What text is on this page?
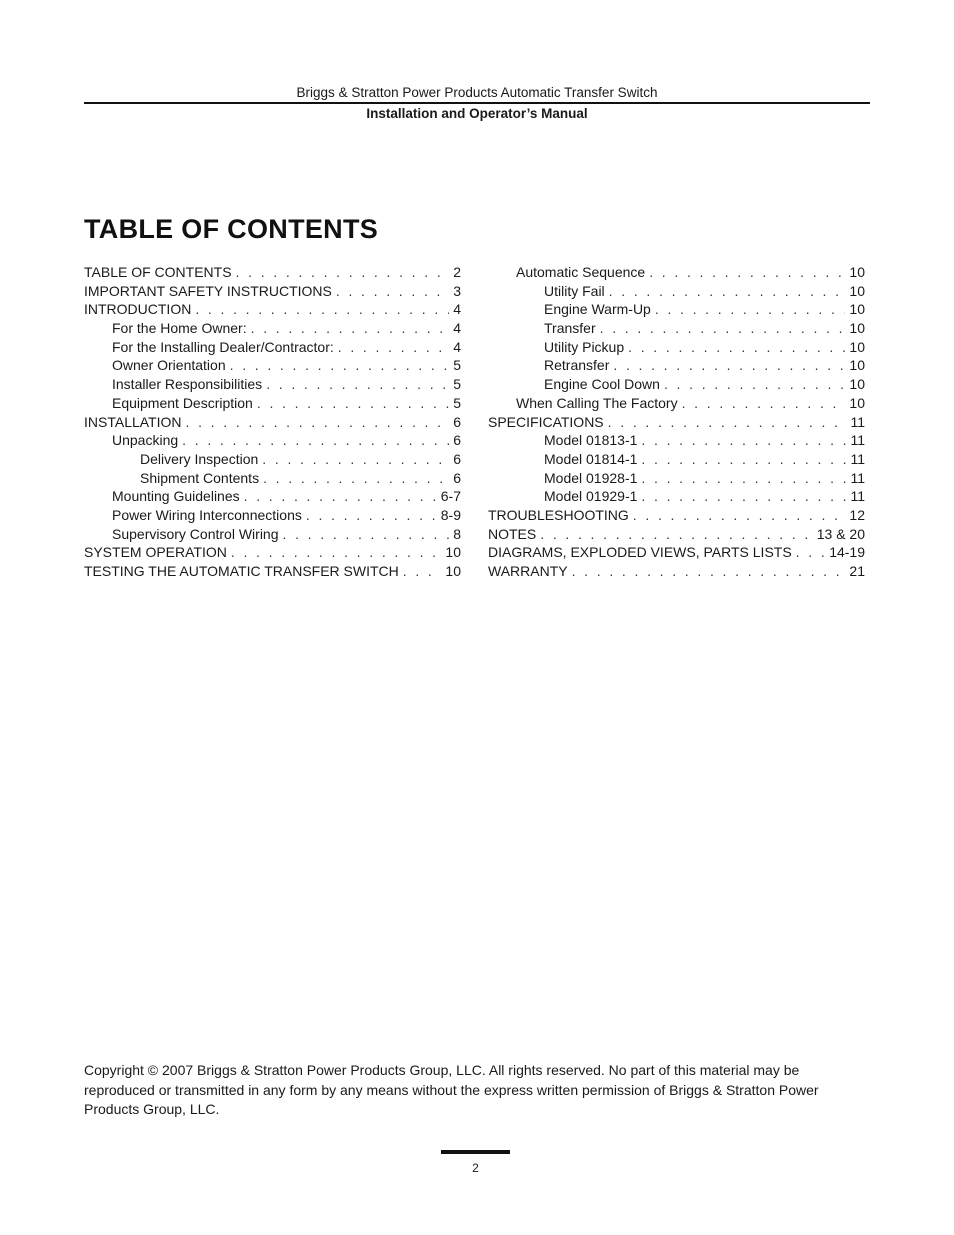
Briggs & Stratton Power Products Automatic Transfer Switch
Installation and Operator’s Manual
TABLE OF CONTENTS
TABLE OF CONTENTS . . .	2
IMPORTANT SAFETY INSTRUCTIONS . . .	3
INTRODUCTION . . .	4
For the Home Owner: . . .	4
For the Installing Dealer/Contractor: . . .	4
Owner Orientation . . .	5
Installer Responsibilities . . .	5
Equipment Description . . .	5
INSTALLATION . . .	6
Unpacking . . .	6
Delivery Inspection . . .	6
Shipment Contents . . .	6
Mounting Guidelines . . .	6-7
Power Wiring Interconnections . . .	8-9
Supervisory Control Wiring . . .	8
SYSTEM OPERATION . . .	10
TESTING THE AUTOMATIC TRANSFER SWITCH . . .	10
Automatic Sequence . . .	10
Utility Fail . . .	10
Engine Warm-Up . . .	10
Transfer . . .	10
Utility Pickup . . .	10
Retransfer . . .	10
Engine Cool Down . . .	10
When Calling The Factory . . .	10
SPECIFICATIONS . . .	11
Model 01813-1 . . .	11
Model 01814-1 . . .	11
Model 01928-1 . . .	11
Model 01929-1 . . .	11
TROUBLESHOOTING . . .	12
NOTES . . .	13 & 20
DIAGRAMS, EXPLODED VIEWS, PARTS LISTS . . .	14-19
WARRANTY . . .	21

Copyright © 2007 Briggs & Stratton Power Products Group, LLC. All rights reserved. No part of this material may be reproduced or transmitted in any form by any means without the express written permission of Briggs & Stratton Power Products Group, LLC.

2
